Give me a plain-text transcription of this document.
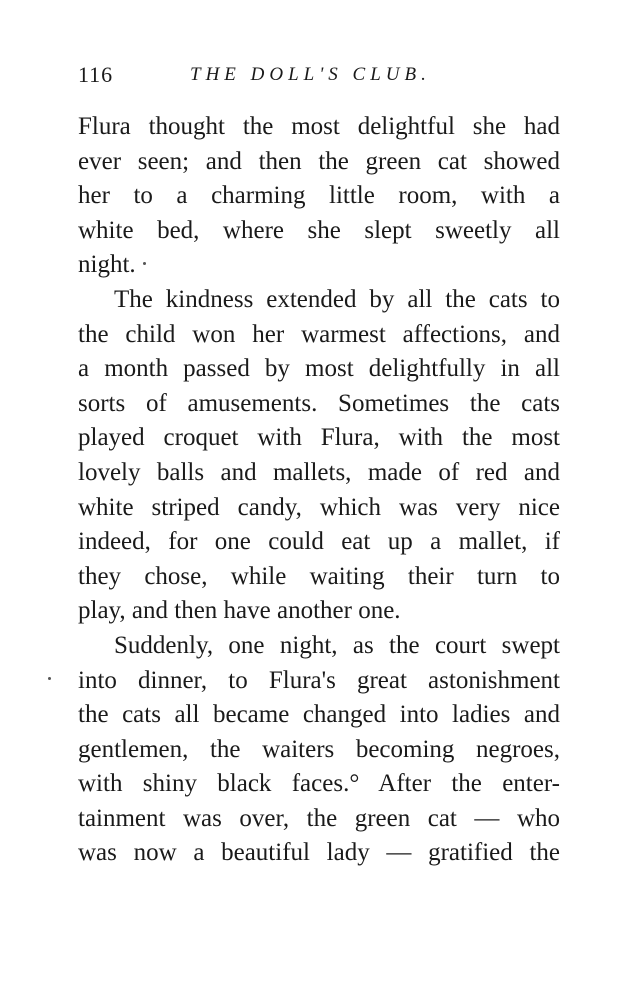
116	THE DOLL'S CLUB.
Flura thought the most delightful she had
ever seen; and then the green cat showed
her to a charming little room, with a
white bed, where she slept sweetly all
night.
The kindness extended by all the cats to
the child won her warmest affections, and
a month passed by most delightfully in all
sorts of amusements. Sometimes the cats
played croquet with Flura, with the most
lovely balls and mallets, made of red and
white striped candy, which was very nice
indeed, for one could eat up a mallet, if
they chose, while waiting their turn to
play, and then have another one.
Suddenly, one night, as the court swept
into dinner, to Flura's great astonishment
the cats all became changed into ladies and
gentlemen, the waiters becoming negroes,
with shiny black faces.° After the enter-
tainment was over, the green cat — who
was now a beautiful lady — gratified the
